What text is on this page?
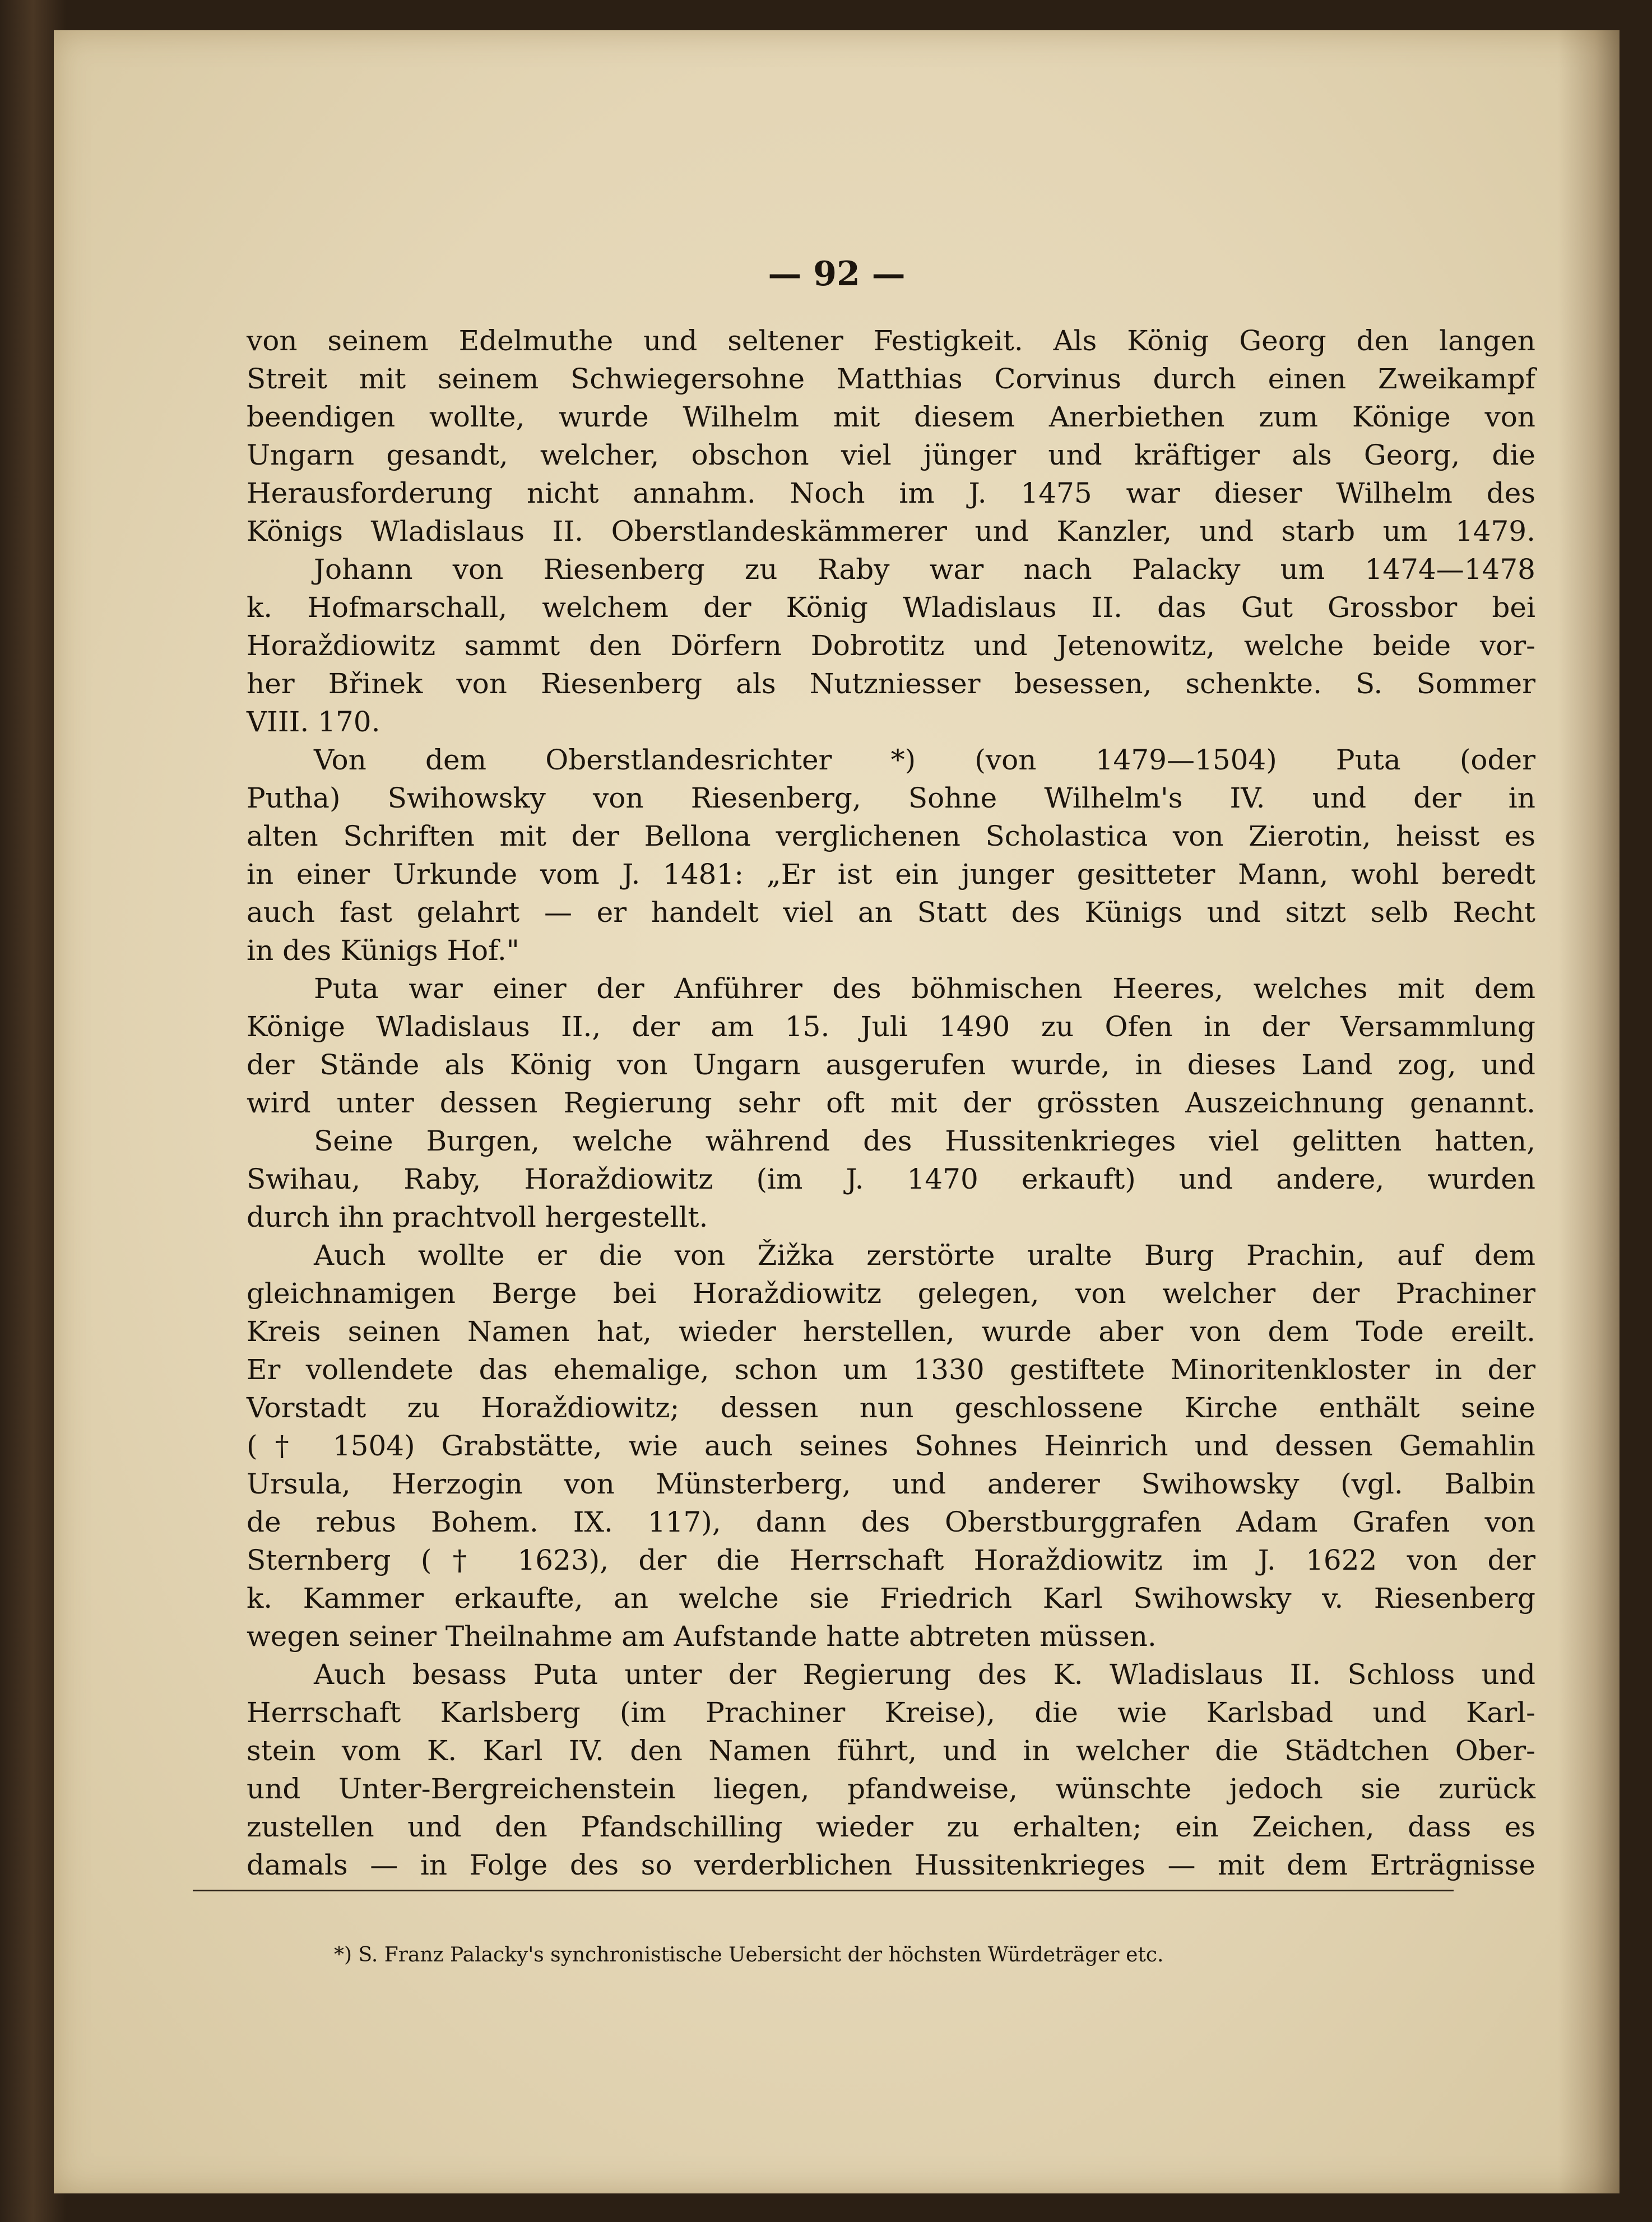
— 92 —
von seinem Edelmuthe und seltener Festigkeit. Als König Georg den langen
Streit mit seinem Schwiegersohne Matthias Corvinus durch einen Zweikampf
beendigen wollte, wurde Wilhelm mit diesem Anerbiethen zum Könige von
Ungarn gesandt, welcher, obschon viel jünger und kräftiger als Georg, die
Herausforderung nicht annahm. Noch im J. 1475 war dieser Wilhelm des
Königs Wladislaus II. Oberstlandeskämmerer und Kanzler, und starb um 1479.
Johann von Riesenberg zu Raby war nach Palacky um 1474—1478
k. Hofmarschall, welchem der König Wladislaus II. das Gut Grossbor bei
Horaždiowitz sammt den Dörfern Dobrotitz und Jetenowitz, welche beide vor-
her Břinek von Riesenberg als Nutzniesser besessen, schenkte. S. Sommer
VIII. 170.
Von dem Oberstlandesrichter *) (von 1479—1504) Puta (oder
Putha) Swihowsky von Riesenberg, Sohne Wilhelm's IV. und der in
alten Schriften mit der Bellona verglichenen Scholastica von Zierotin, heisst es
in einer Urkunde vom J. 1481: „Er ist ein junger gesitteter Mann, wohl beredt
auch fast gelahrt — er handelt viel an Statt des Künigs und sitzt selb Recht
in des Künigs Hof."
Puta war einer der Anführer des böhmischen Heeres, welches mit dem
Könige Wladislaus II., der am 15. Juli 1490 zu Ofen in der Versammlung
der Stände als König von Ungarn ausgerufen wurde, in dieses Land zog, und
wird unter dessen Regierung sehr oft mit der grössten Auszeichnung genannt.
Seine Burgen, welche während des Hussitenkrieges viel gelitten hatten,
Swihau, Raby, Horaždiowitz (im J. 1470 erkauft) und andere, wurden
durch ihn prachtvoll hergestellt.
Auch wollte er die von Žižka zerstörte uralte Burg Prachin, auf dem
gleichnamigen Berge bei Horaždiowitz gelegen, von welcher der Prachiner
Kreis seinen Namen hat, wieder herstellen, wurde aber von dem Tode ereilt.
Er vollendete das ehemalige, schon um 1330 gestiftete Minoritenkloster in der
Vorstadt zu Horaždiowitz; dessen nun geschlossene Kirche enthält seine
(† 1504) Grabstätte, wie auch seines Sohnes Heinrich und dessen Gemahlin
Ursula, Herzogin von Münsterberg, und anderer Swihowsky (vgl. Balbin
de rebus Bohem. IX. 117), dann des Oberstburggrafen Adam Grafen von
Sternberg († 1623), der die Herrschaft Horaždiowitz im J. 1622 von der
k. Kammer erkaufte, an welche sie Friedrich Karl Swihowsky v. Riesenberg
wegen seiner Theilnahme am Aufstande hatte abtreten müssen.
Auch besass Puta unter der Regierung des K. Wladislaus II. Schloss und
Herrschaft Karlsberg (im Prachiner Kreise), die wie Karlsbad und Karl-
stein vom K. Karl IV. den Namen führt, und in welcher die Städtchen Ober-
und Unter-Bergreichenstein liegen, pfandweise, wünschte jedoch sie zurück
zustellen und den Pfandschilling wieder zu erhalten; ein Zeichen, dass es
damals — in Folge des so verderblichen Hussitenkrieges — mit dem Erträgnisse
*) S. Franz Palacky's synchronistische Uebersicht der höchsten Würdeträger etc.
